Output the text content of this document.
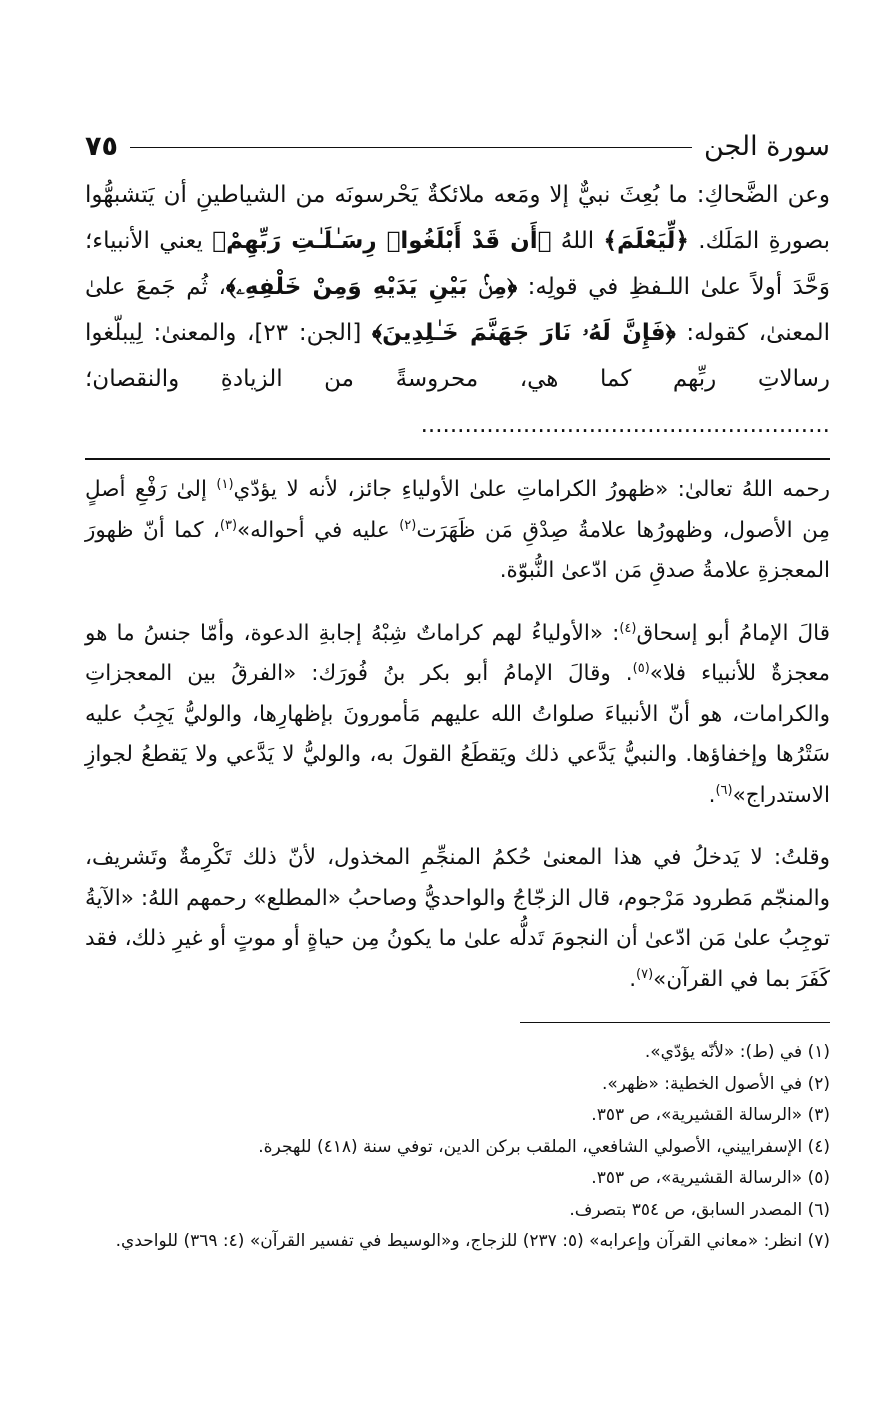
سورة الجن
٧٥

وعن الضَّحاكِ: ما بُعِثَ نبيٌّ إلا ومَعه ملائكةٌ يَحْرسونَه من الشياطينِ أن يَتشبهُّوا بصورةِ المَلَك. ﴿لِّيَعْلَمَ﴾ اللهُ ﴿أَن قَدْ أَبْلَغُوا۟ رِسَـٰلَـٰتِ رَبِّهِمْ﴾ يعني الأنبياء؛ وَحَّدَ أولاً علىٰ اللـفظِ في قولِه: ﴿مِنۢ بَيْنِ يَدَيْهِ وَمِنْ خَلْفِهِۦ﴾، ثُم جَمعَ علىٰ المعنىٰ، كقوله: ﴿فَإِنَّ لَهُۥ نَارَ جَهَنَّمَ خَـٰلِدِينَ﴾ [الجن: ٢٣]، والمعنىٰ: لِيبلّغوا رسالاتِ ربِّهم كما هي، محروسةً من الزيادةِ والنقصان؛ ........................................................

رحمه اللهُ تعالىٰ: «ظهورُ الكراماتِ علىٰ الأولياءِ جائز، لأنه لا يؤدّي$^{(١)}$ إلىٰ رَفْعِ أصلٍ مِن الأصول، وظهورُها علامةُ صِدْقِ مَن ظَهَرَت$^{(٢)}$ عليه في أحواله»$^{(٣)}$، كما أنّ ظهورَ المعجزةِ علامةُ صدقِ مَن ادّعىٰ النُّبوّة.

قالَ الإمامُ أبو إسحاق$^{(٤)}$: «الأولياءُ لهم كراماتٌ شِبْهُ إجابةِ الدعوة، وأمّا جنسُ ما هو معجزةٌ للأنبياء فلا»$^{(٥)}$. وقالَ الإمامُ أبو بكر بنُ فُورَك: «الفرقُ بين المعجزاتِ والكرامات، هو أنّ الأنبياءَ صلواتُ الله عليهم مَأمورونَ بإظهارِها، والوليُّ يَجِبُ عليه سَتْرُها وإخفاؤها. والنبيُّ يَدَّعي ذلك ويَقطَعُ القولَ به، والوليُّ لا يَدَّعي ولا يَقطعُ لجوازِ الاستدراج»$^{(٦)}$.

وقلتُ: لا يَدخلُ في هذا المعنىٰ حُكمُ المنجِّمِ المخذول، لأنّ ذلك تَكْرِمةٌ وتَشريف، والمنجّم مَطرود مَرْجوم، قال الزجّاجُ والواحديُّ وصاحبُ «المطلع» رحمهم اللهُ: «الآيةُ توجِبُ علىٰ مَن ادّعىٰ أن النجومَ تَدلُّه علىٰ ما يكونُ مِن حياةٍ أو موتٍ أو غيرِ ذلك، فقد كَفَرَ بما في القرآن»$^{(٧)}$.

(١) في (ط): «لأنّه يؤدّي».
(٢) في الأصول الخطية: «ظهر».
(٣) «الرسالة القشيرية»، ص ٣٥٣.
(٤) الإسفراييني، الأصولي الشافعي، الملقب بركن الدين، توفي سنة (٤١٨) للهجرة.
(٥) «الرسالة القشيرية»، ص ٣٥٣.
(٦) المصدر السابق، ص ٣٥٤ بتصرف.
(٧) انظر: «معاني القرآن وإعرابه» (٥: ٢٣٧) للزجاج، و«الوسيط في تفسير القرآن» (٤: ٣٦٩) للواحدي.
